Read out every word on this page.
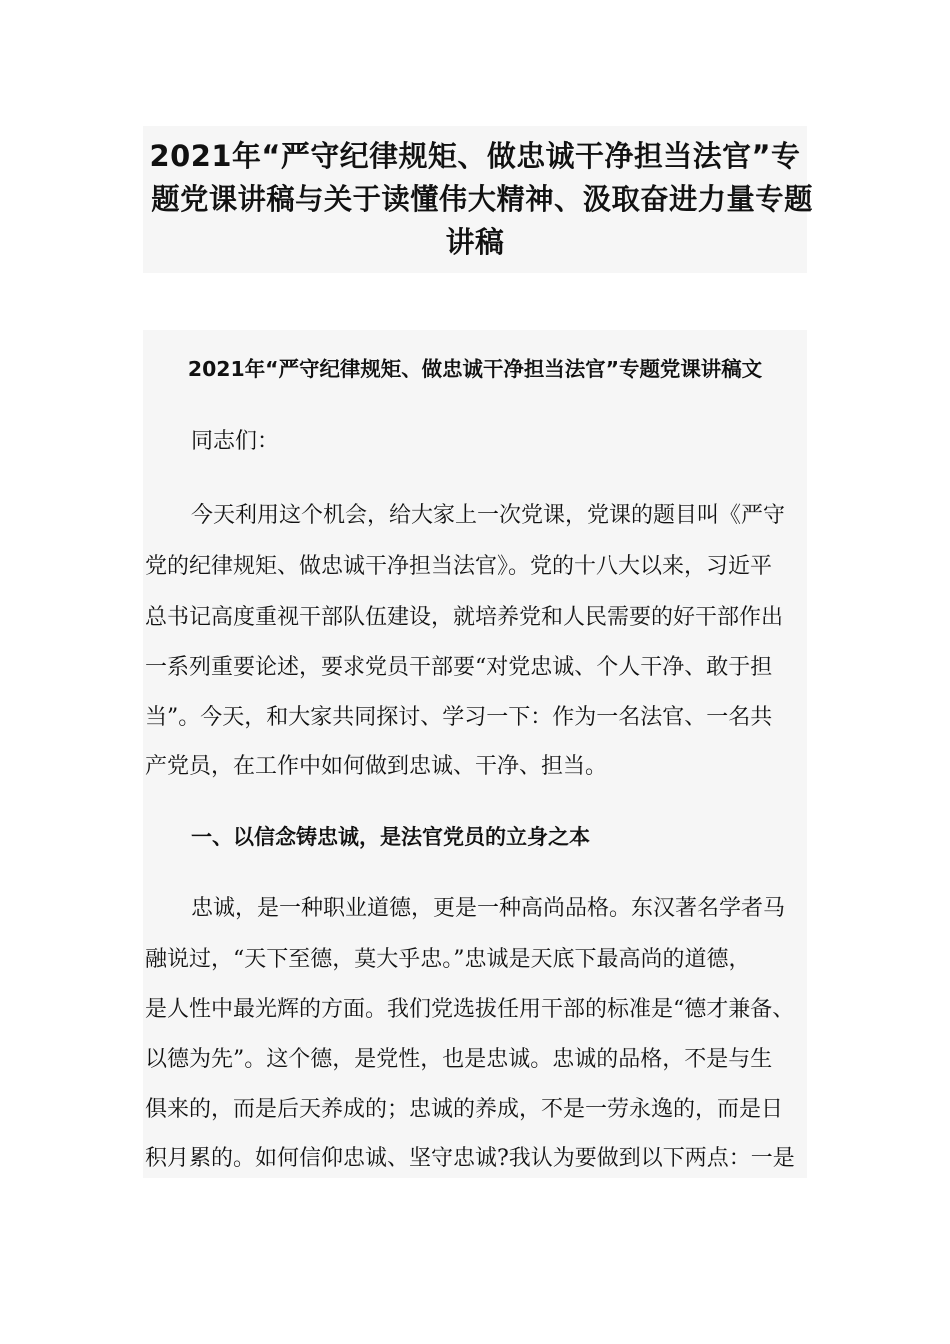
2021年“严守纪律规矩、做忠诚干净担当法官”专
题党课讲稿与关于读懂伟大精神、汲取奋进力量专题
讲稿
2021年“严守纪律规矩、做忠诚干净担当法官”专题党课讲稿文
同志们：
今天利用这个机会，给大家上一次党课，党课的题目叫《严守
党的纪律规矩、做忠诚干净担当法官》。党的十八大以来，习近平
总书记高度重视干部队伍建设，就培养党和人民需要的好干部作出
一系列重要论述，要求党员干部要“对党忠诚、个人干净、敢于担
当”。今天，和大家共同探讨、学习一下：作为一名法官、一名共
产党员，在工作中如何做到忠诚、干净、担当。
一、以信念铸忠诚，是法官党员的立身之本
忠诚，是一种职业道德，更是一种高尚品格。东汉著名学者马
融说过，“天下至德，莫大乎忠。”忠诚是天底下最高尚的道德，
是人性中最光辉的方面。我们党选拔任用干部的标准是“德才兼备、
以德为先”。这个德，是党性，也是忠诚。忠诚的品格，不是与生
俱来的，而是后天养成的；忠诚的养成，不是一劳永逸的，而是日
积月累的。如何信仰忠诚、坚守忠诚?我认为要做到以下两点：一是
